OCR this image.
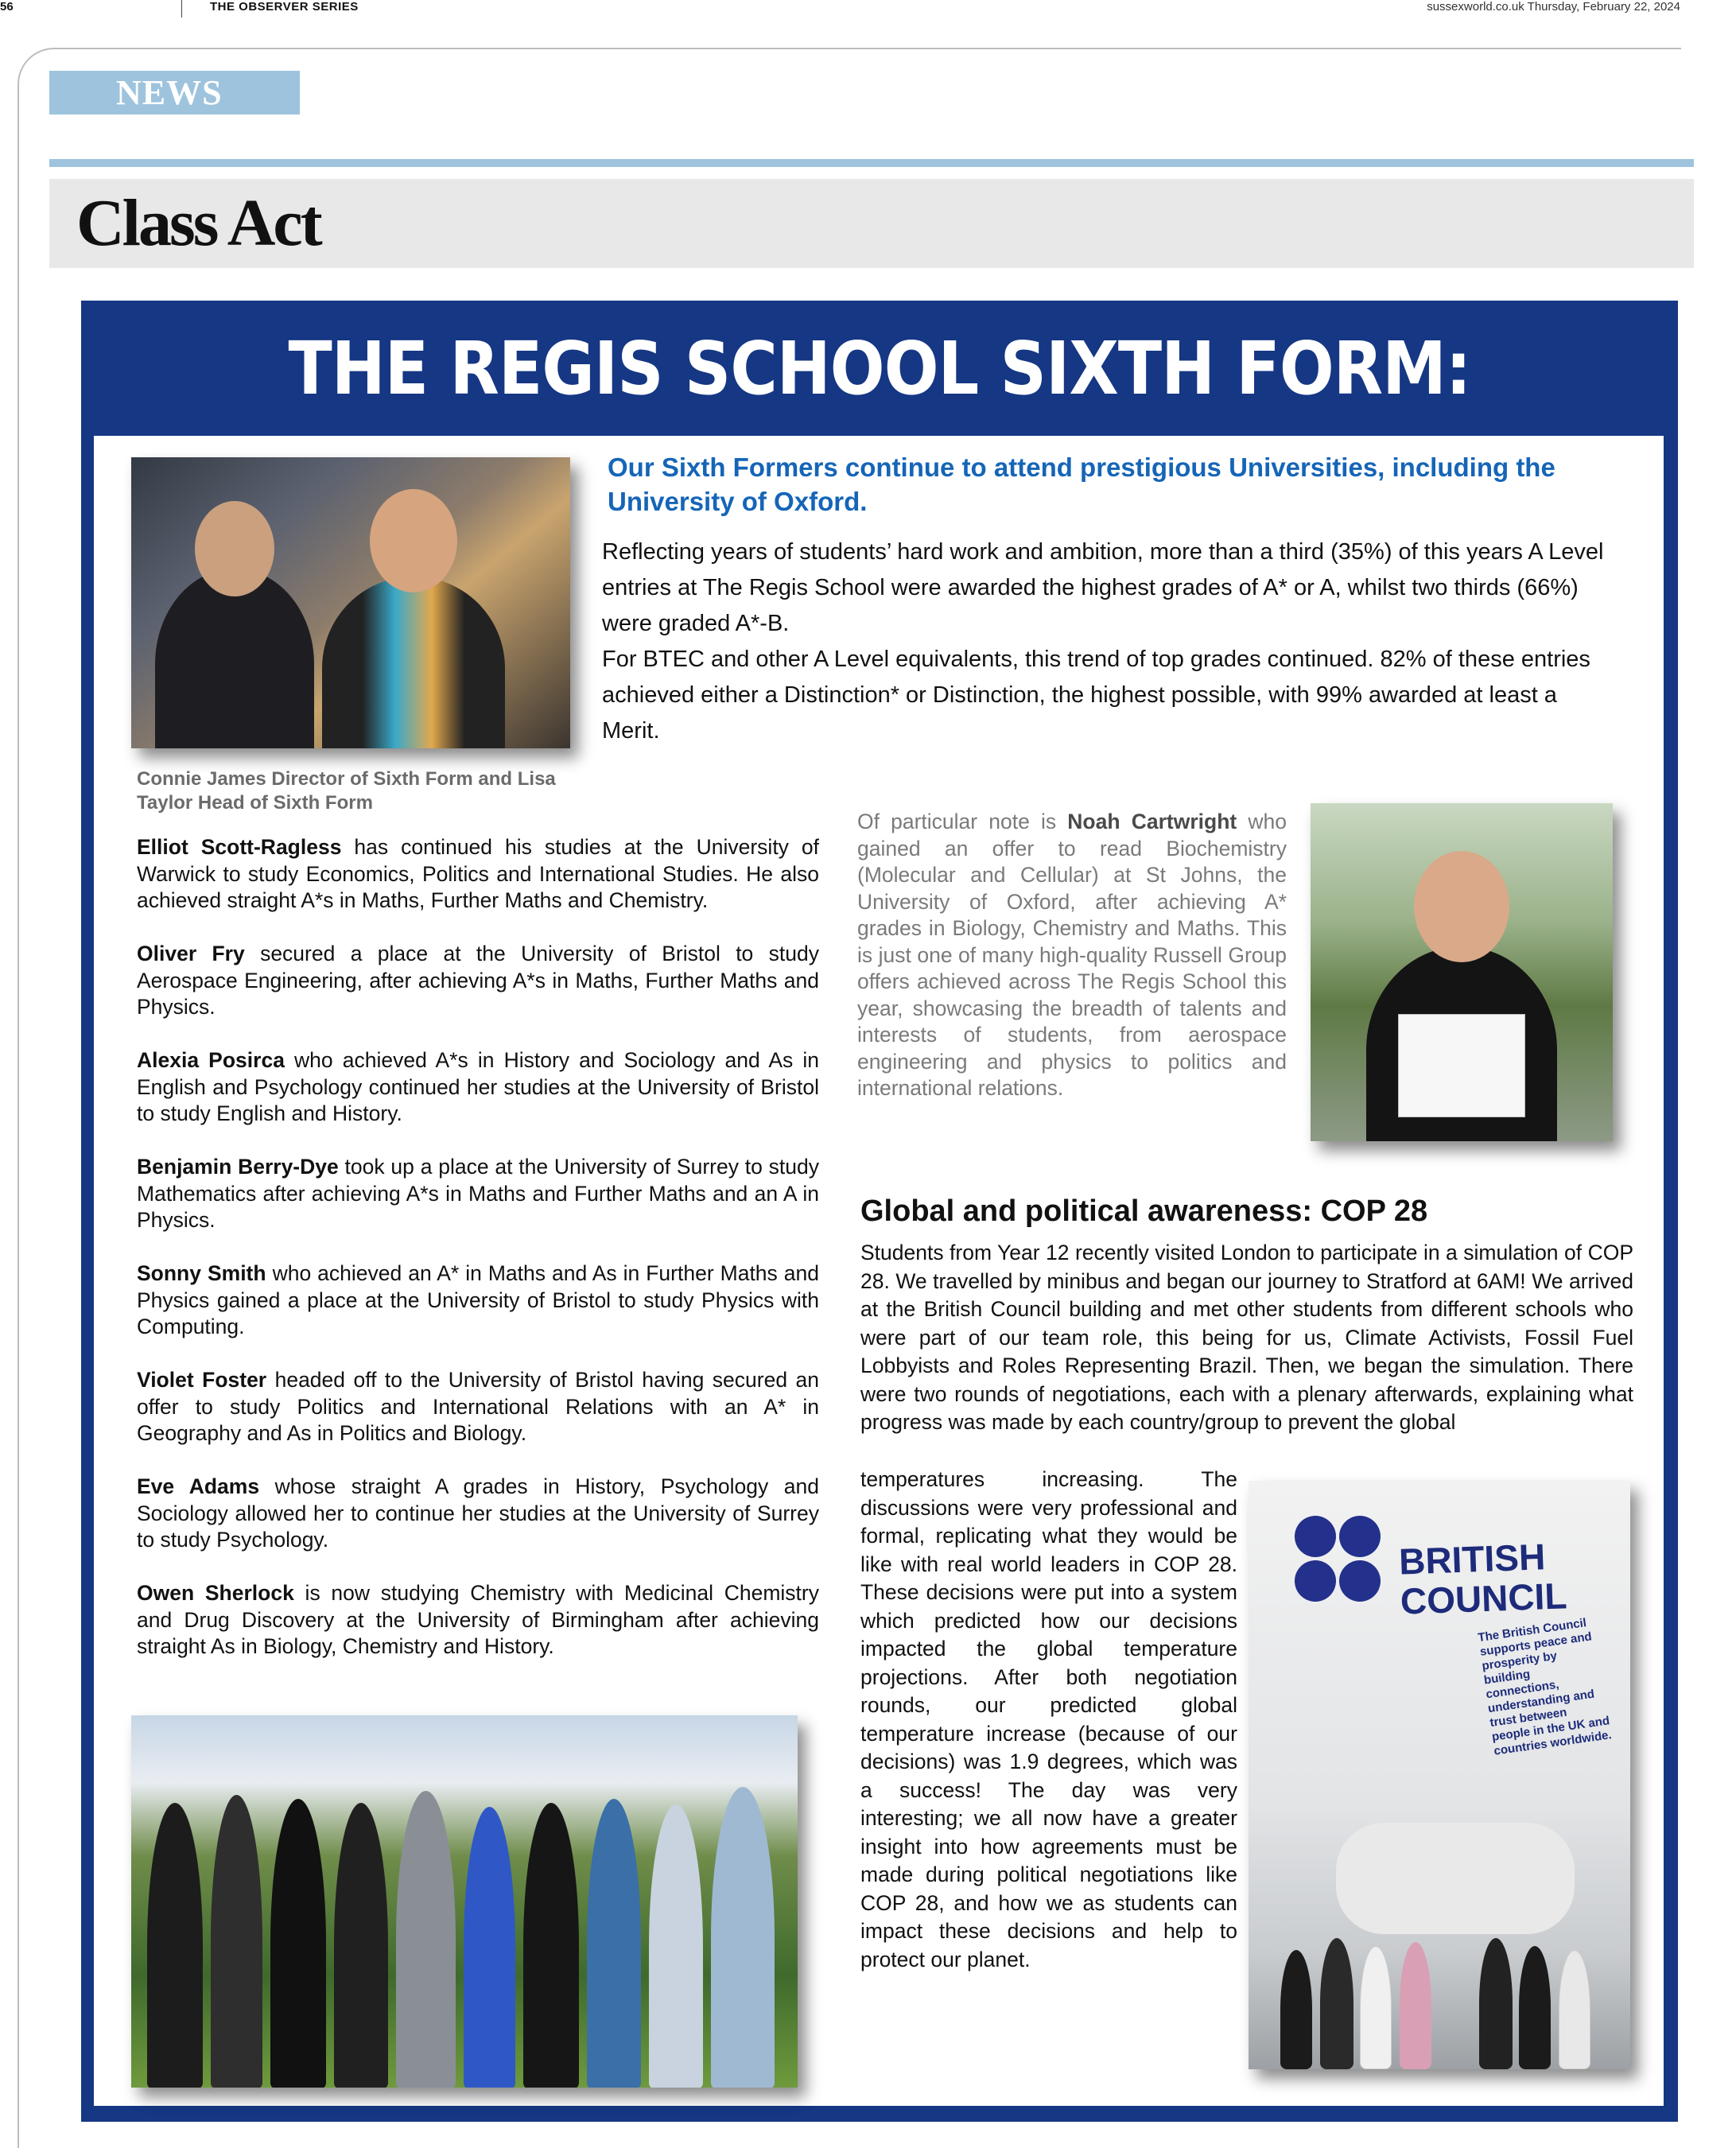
56	THE OBSERVER SERIES	sussexworld.co.uk Thursday, February 22, 2024
NEWS
Class Act
THE REGIS SCHOOL SIXTH FORM:
Our Sixth Formers continue to attend prestigious Universities, including the University of Oxford.

Reflecting years of students’ hard work and ambition, more than a third (35%) of this years A Level entries at The Regis School were awarded the highest grades of A* or A, whilst two thirds (66%) were graded A*-B.

For BTEC and other A Level equivalents, this trend of top grades continued. 82% of these entries achieved either a Distinction* or Distinction, the highest possible, with 99% awarded at least a Merit.

Connie James Director of Sixth Form and Lisa Taylor Head of Sixth Form

Elliot Scott-Ragless has continued his studies at the University of Warwick to study Economics, Politics and International Studies. He also achieved straight A*s in Maths, Further Maths and Chemistry.

Oliver Fry secured a place at the University of Bristol to study Aerospace Engineering, after achieving A*s in Maths, Further Maths and Physics.

Alexia Posirca who achieved A*s in History and Sociology and As in English and Psychology continued her studies at the University of Bristol to study English and History.

Benjamin Berry-Dye took up a place at the University of Surrey to study Mathematics after achieving A*s in Maths and Further Maths and an A in Physics.

Sonny Smith who achieved an A* in Maths and As in Further Maths and Physics gained a place at the University of Bristol to study Physics with Computing.

Violet Foster headed off to the University of Bristol having secured an offer to study Politics and International Relations with an A* in Geography and As in Politics and Biology.

Eve Adams whose straight A grades in History, Psychology and Sociology allowed her to continue her studies at the University of Surrey to study Psychology.

Owen Sherlock is now studying Chemistry with Medicinal Chemistry and Drug Discovery at the University of Birmingham after achieving straight As in Biology, Chemistry and History.

Of particular note is Noah Cartwright who gained an offer to read Biochemistry (Molecular and Cellular) at St Johns, the University of Oxford, after achieving A* grades in Biology, Chemistry and Maths. This is just one of many high-quality Russell Group offers achieved across The Regis School this year, showcasing the breadth of talents and interests of students, from aerospace engineering and physics to politics and international relations.
Global and political awareness: COP 28
Students from Year 12 recently visited London to participate in a simulation of COP 28. We travelled by minibus and began our journey to Stratford at 6AM! We arrived at the British Council building and met other students from different schools who were part of our team role, this being for us, Climate Activists, Fossil Fuel Lobbyists and Roles Representing Brazil. Then, we began the simulation. There were two rounds of negotiations, each with a plenary afterwards, explaining what progress was made by each country/group to prevent the global
temperatures increasing. The discussions were very professional and formal, replicating what they would be like with real world leaders in COP 28. These decisions were put into a system which predicted how our decisions impacted the global temperature projections. After both negotiation rounds, our predicted global temperature increase (because of our decisions) was 1.9 degrees, which was a success! The day was very interesting; we all now have a greater insight into how agreements must be made during political negotiations like COP 28, and how we as students can impact these decisions and help to protect our planet.
BRITISH
COUNCIL
The British Council supports peace and prosperity by building connections, understanding and trust between people in the UK and countries worldwide.
